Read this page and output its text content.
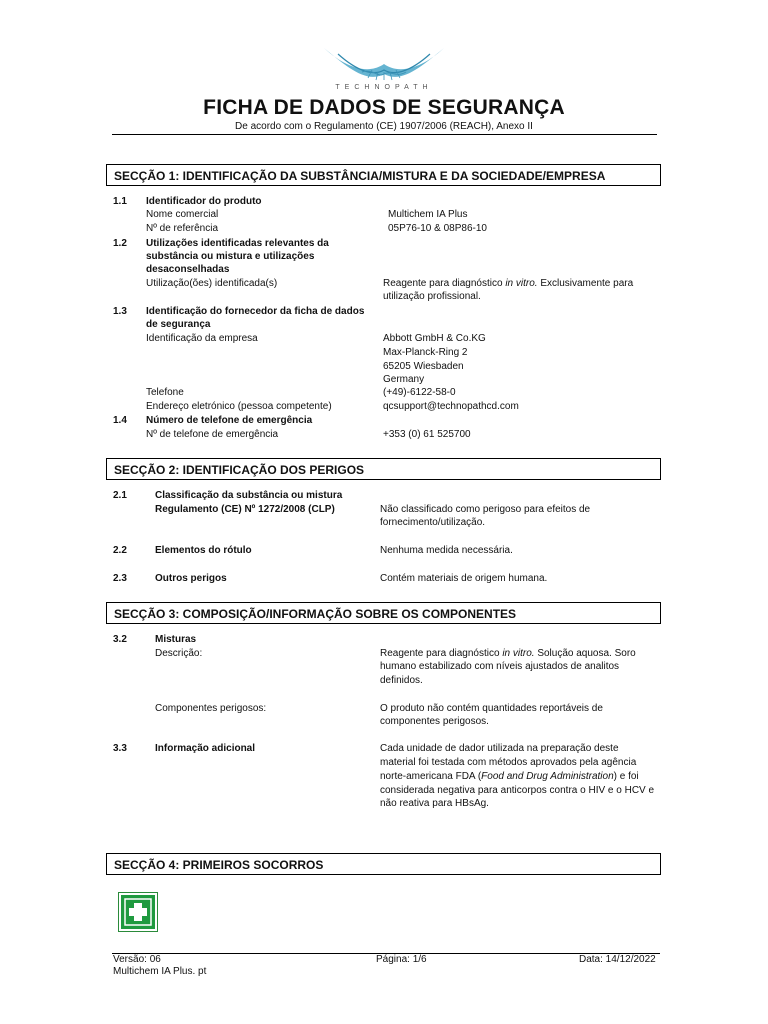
TECHNOPATH
FICHA DE DADOS DE SEGURANÇA
De acordo com o Regulamento (CE) 1907/2006 (REACH), Anexo II
SECÇÃO 1: IDENTIFICAÇÃO DA SUBSTÂNCIA/MISTURA E DA SOCIEDADE/EMPRESA
1.1 Identificador do produto
Nome comercial	Multichem IA Plus
Nº de referência	05P76-10 & 08P86-10
1.2 Utilizações identificadas relevantes da
substância ou mistura e utilizações
desaconselhadas
Utilização(ões) identificada(s)	Reagente para diagnóstico in vitro. Exclusivamente para
utilização profissional.
1.3 Identificação do fornecedor da ficha de dados
de segurança
Identificação da empresa	Abbott GmbH & Co.KG
Max-Planck-Ring 2
65205 Wiesbaden
Germany
Telefone	(+49)-6122-58-0
Endereço eletrónico (pessoa competente)	qcsupport@technopathcd.com
1.4 Número de telefone de emergência
Nº de telefone de emergência	+353 (0) 61 525700
SECÇÃO 2: IDENTIFICAÇÃO DOS PERIGOS
2.1	Classificação da substância ou mistura
Regulamento (CE) Nº 1272/2008 (CLP)	Não classificado como perigoso para efeitos de
fornecimento/utilização.
2.2	Elementos do rótulo	Nenhuma medida necessária.
2.3	Outros perigos	Contém materiais de origem humana.
SECÇÃO 3: COMPOSIÇÃO/INFORMAÇÃO SOBRE OS COMPONENTES
3.2	Misturas
Descrição:	Reagente para diagnóstico in vitro. Solução aquosa. Soro
humano estabilizado com níveis ajustados de analitos
definidos.
Componentes perigosos:	O produto não contém quantidades reportáveis de
componentes perigosos.
3.3	Informação adicional	Cada unidade de dador utilizada na preparação deste
material foi testada com métodos aprovados pela agência
norte-americana FDA (Food and Drug Administration) e foi
considerada negativa para anticorpos contra o HIV e o HCV e
não reativa para HBsAg.
SECÇÃO 4: PRIMEIROS SOCORROS
Versão: 06
Multichem IA Plus. pt
Página: 1/6	Data: 14/12/2022
